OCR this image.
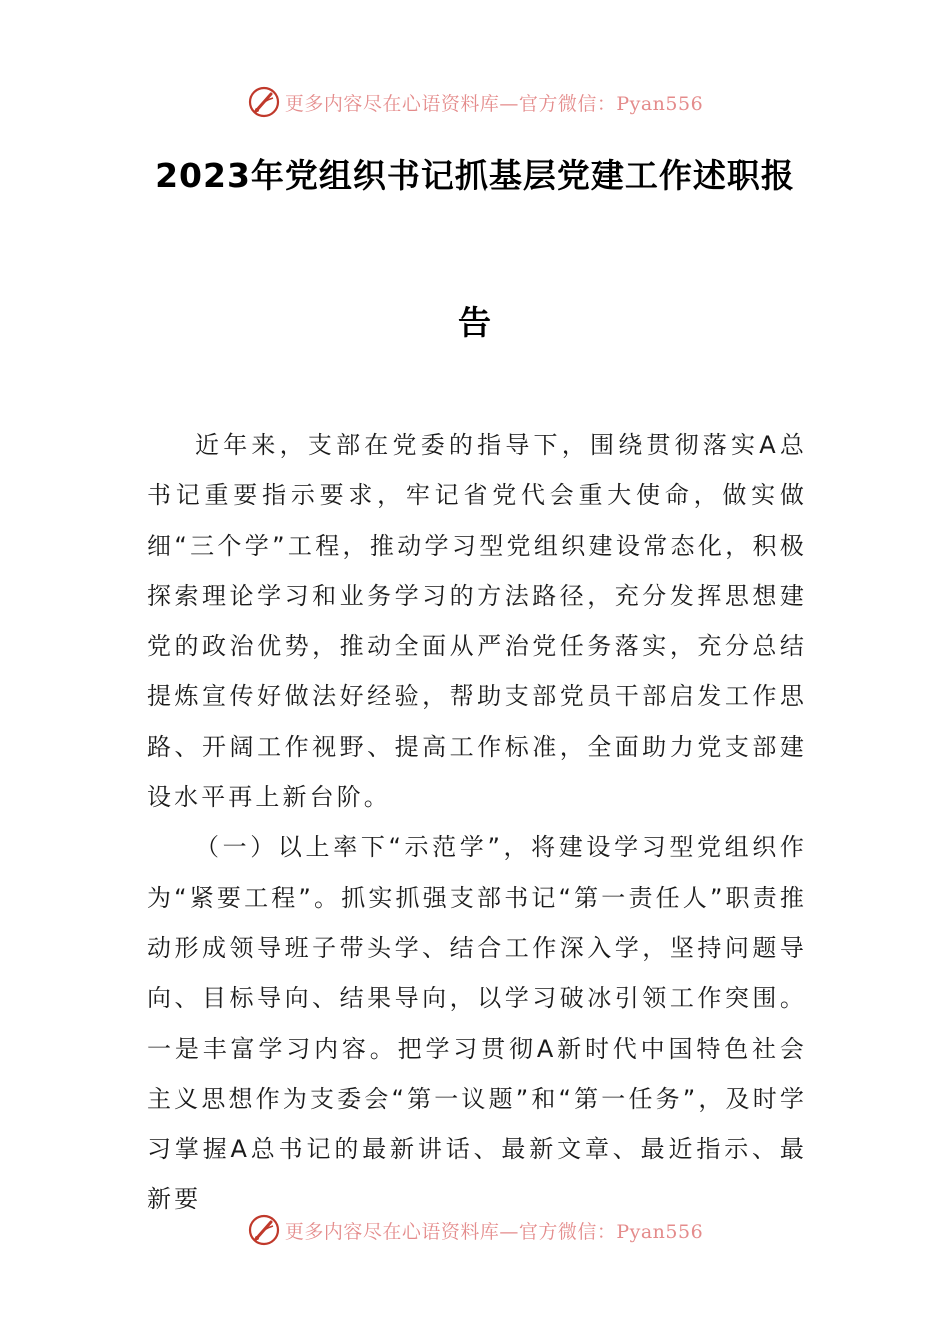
更多内容尽在心语资料库—官方微信：Pyan556
2023年党组织书记抓基层党建工作述职报
告

近年来，支部在党委的指导下，围绕贯彻落实A总书记重要指示要求，牢记省党代会重大使命，做实做细“三个学”工程，推动学习型党组织建设常态化，积极探索理论学习和业务学习的方法路径，充分发挥思想建党的政治优势，推动全面从严治党任务落实，充分总结提炼宣传好做法好经验，帮助支部党员干部启发工作思路、开阔工作视野、提高工作标准，全面助力党支部建设水平再上新台阶。

（一）以上率下“示范学”，将建设学习型党组织作为“紧要工程”。抓实抓强支部书记“第一责任人”职责推动形成领导班子带头学、结合工作深入学，坚持问题导向、目标导向、结果导向，以学习破冰引领工作突围。一是丰富学习内容。把学习贯彻A新时代中国特色社会主义思想作为支委会“第一议题”和“第一任务”，及时学习掌握A总书记的最新讲话、最新文章、最近指示、最新要

更多内容尽在心语资料库—官方微信：Pyan556
